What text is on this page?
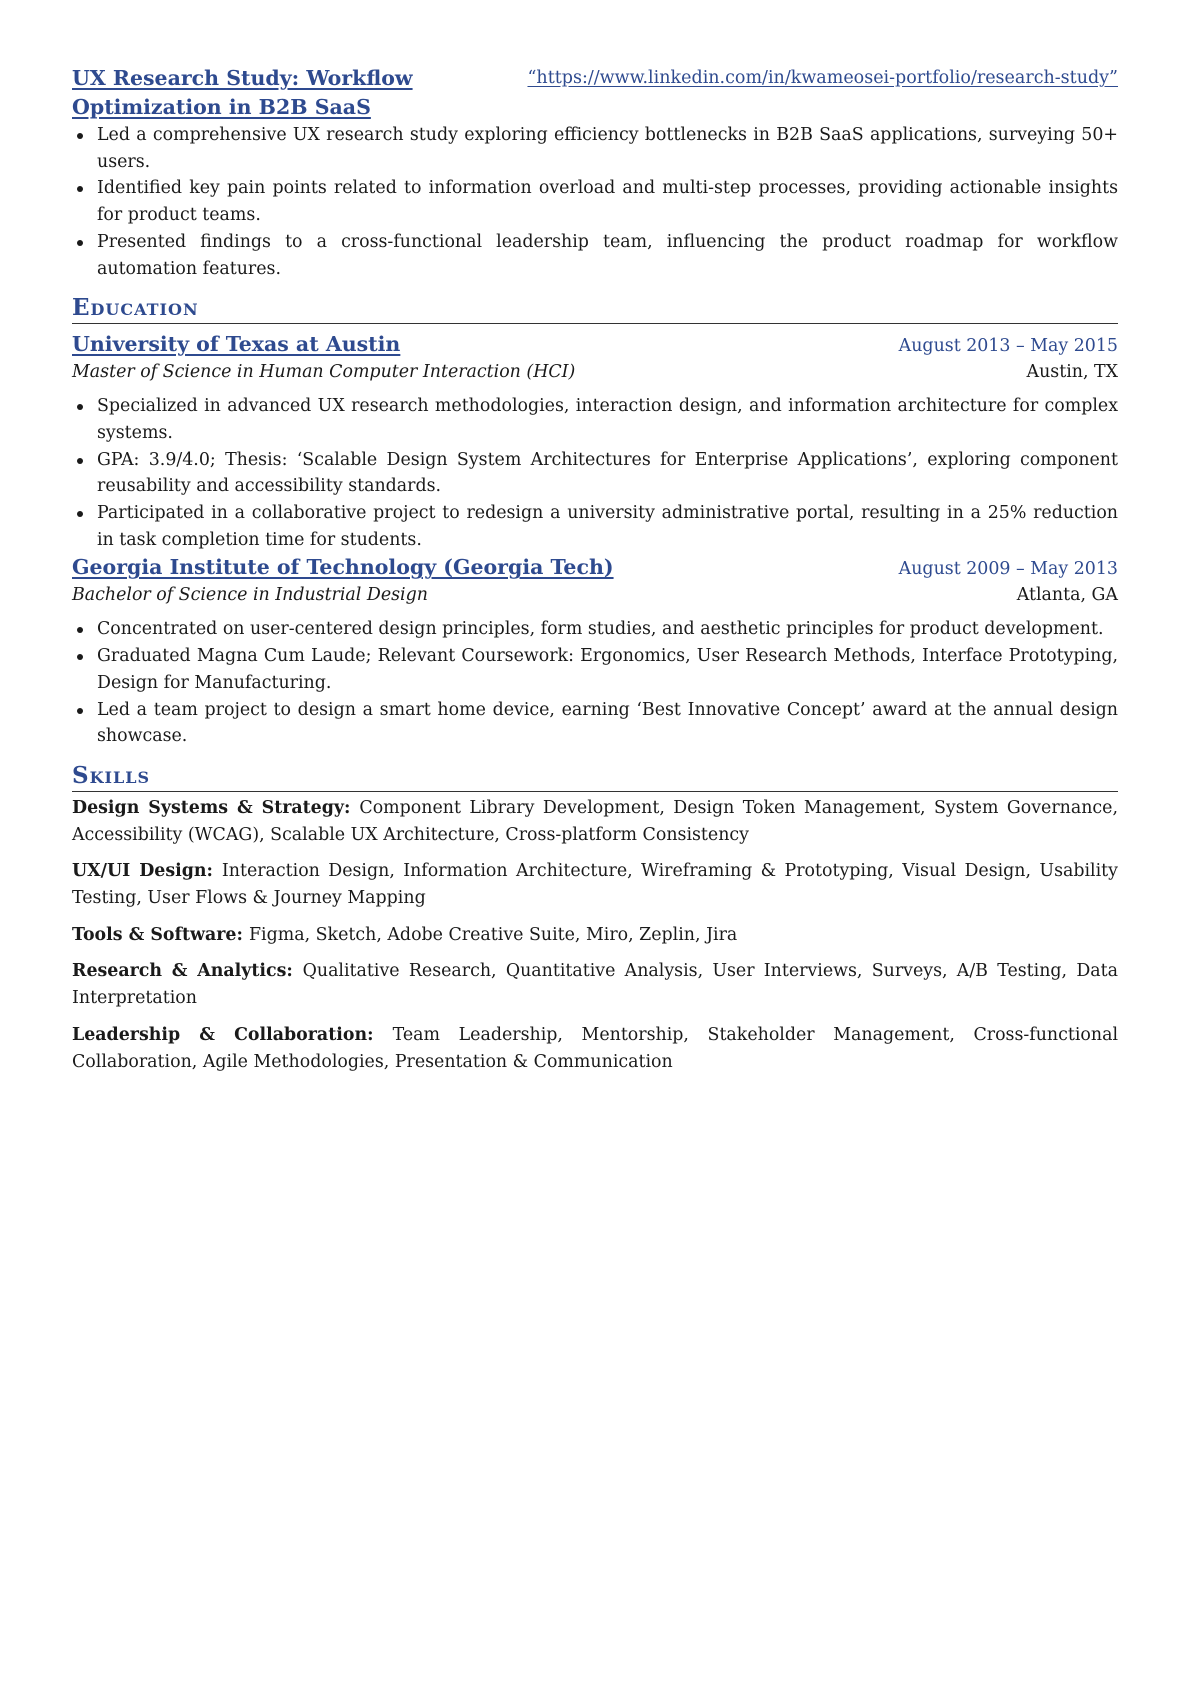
UX Research Study: Workflow Optimization in B2B SaaS
“https://www.linkedin.com/in/kwameosei-portfolio/research-study”
Led a comprehensive UX research study exploring efficiency bottlenecks in B2B SaaS applications, surveying 50+ users.
Identified key pain points related to information overload and multi-step processes, providing actionable insights for product teams.
Presented findings to a cross-functional leadership team, influencing the product roadmap for workflow automation features.
Education
University of Texas at Austin	August 2013 – May 2015
Master of Science in Human Computer Interaction (HCI)	Austin, TX
Specialized in advanced UX research methodologies, interaction design, and information architecture for complex systems.
GPA: 3.9/4.0; Thesis: ‘Scalable Design System Architectures for Enterprise Applications’, exploring component reusability and accessibility standards.
Participated in a collaborative project to redesign a university administrative portal, resulting in a 25% reduction in task completion time for students.
Georgia Institute of Technology (Georgia Tech)	August 2009 – May 2013
Bachelor of Science in Industrial Design	Atlanta, GA
Concentrated on user-centered design principles, form studies, and aesthetic principles for product development.
Graduated Magna Cum Laude; Relevant Coursework: Ergonomics, User Research Methods, Interface Prototyping, Design for Manufacturing.
Led a team project to design a smart home device, earning ‘Best Innovative Concept’ award at the annual design showcase.
Skills
Design Systems & Strategy: Component Library Development, Design Token Management, System Governance, Accessibility (WCAG), Scalable UX Architecture, Cross-platform Consistency
UX/UI Design: Interaction Design, Information Architecture, Wireframing & Prototyping, Visual Design, Usability Testing, User Flows & Journey Mapping
Tools & Software: Figma, Sketch, Adobe Creative Suite, Miro, Zeplin, Jira
Research & Analytics: Qualitative Research, Quantitative Analysis, User Interviews, Surveys, A/B Testing, Data Interpretation
Leadership & Collaboration: Team Leadership, Mentorship, Stakeholder Management, Cross-functional Collaboration, Agile Methodologies, Presentation & Communication
